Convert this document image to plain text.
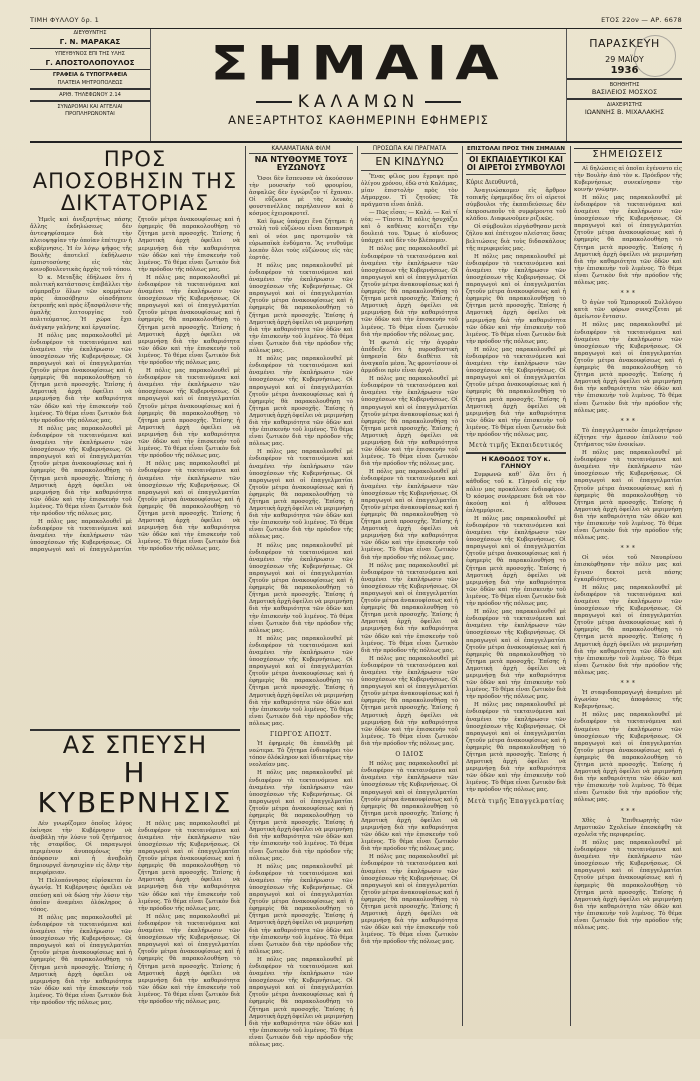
ΤΙΜΗ ΦΥΛΛΟΥ δρ. 1	ΕΤΟΣ 22ον — ΑΡ. 6678
ΔΙΕΥΘΥΝΤΗΣ
Γ. Ν. ΜΑΡΑΚΑΣ
ΥΠΕΥΘΥΝΟΣ ΕΠΙ ΤΗΣ ΥΛΗΣ
Γ. ΑΠΟΣΤΟΛΟΠΟΥΛΟΣ
ΓΡΑΦΕΙΑ & ΤΥΠΟΓΡΑΦΕΙΑ
ΠΛΑΤΕΙΑ ΜΗΤΡΟΠΟΛΕΩΣ
ΑΡΙΘ. ΤΗΛΕΦΩΝΟΥ 2.14
ΣΥΝΔΡΟΜΑΙ ΚΑΙ ΑΓΓΕΛΙΑΙ
ΠΡΟΠΛΗΡΩΝΟΝΤΑΙ
ΣΗΜΑΙΑ
ΚΑΛΑΜΩΝ
ΑΝΕΞΑΡΤΗΤΟΣ ΚΑΘΗΜΕΡΙΝΗ ΕΦΗΜΕΡΙΣ
ΠΑΡΑΣΚΕΥΗ
29 ΜΑΪΟΥ
1936
ΒΟΗΘΗΤΗΣ
ΒΑΣΙΛΕΙΟΣ ΜΟΣΧΟΣ
ΔΙΑΧΕΙΡΙΣΤΗΣ
ΙΩΑΝΝΗΣ Β. ΜΙΧΑΛΑΚΗΣ
ΠΡΟΣ ΑΠΟΣΟΒΗΣΙΝ ΤΗΣ ΔΙΚΤΑΤΟΡΙΑΣ

Ἡμεῖς καὶ ἀνεξαρτήτως πάσης ἄλλης ἐκδηλώσεως δὲν ἀντεψηφίσαμεν διὰ τὴν πλειοψηφίαν τὴν ὁποίαν ἐπέτυχεν ἡ κυβέρνησις. Ἡ ἐν λόγῳ ψῆφος τῆς Βουλῆς ἀποτελεῖ ἐκδήλωσιν ἐμπιστοσύνης εἰς τὰς κοινοβουλευτικὰς ἀρχὰς τοῦ τόπου.

Ὁ κ. Μεταξᾶς ἐδήλωσε ὅτι ἡ πολιτικὴ κατάστασις ἐπιβάλλει τὴν σύμπραξιν ὅλων τῶν κομμάτων πρὸς ἀποσόβησιν οἱασδήποτε ἐκτροπῆς καὶ πρὸς ἐξασφάλισιν τῆς ὁμαλῆς λειτουργίας τοῦ πολιτεύματος. Ἡ χώρα ἔχει ἀνάγκην γαλήνης καὶ ἐργασίας.

Η πόλις μας παρακολουθεῖ μὲ ἐνδιαφέρον τὰ τεκταινόμενα καὶ ἀναμένει τὴν ἐκπλήρωσιν τῶν ὑποσχέσεων τῆς Κυβερνήσεως. Οἱ παραγωγοὶ καὶ οἱ ἐπαγγελματίαι ζητοῦν μέτρα ἀνακουφίσεως καὶ ἡ ἐφημερὶς θὰ παρακολουθήσῃ τὸ ζήτημα μετὰ προσοχῆς. Ἐπίσης ἡ Δημοτικὴ ἀρχὴ ὀφείλει νὰ μεριμνήσῃ διὰ τὴν καθαριότητα τῶν ὁδῶν καὶ τὴν ἐπισκευὴν τοῦ λιμένος. Τὸ θέμα εἶναι ζωτικὸν διὰ τὴν πρόοδον τῆς πόλεως μας.

Η πόλις μας παρακολουθεῖ μὲ ἐνδιαφέρον τὰ τεκταινόμενα καὶ ἀναμένει τὴν ἐκπλήρωσιν τῶν ὑποσχέσεων τῆς Κυβερνήσεως. Οἱ παραγωγοὶ καὶ οἱ ἐπαγγελματίαι ζητοῦν μέτρα ἀνακουφίσεως καὶ ἡ ἐφημερὶς θὰ παρακολουθήσῃ τὸ ζήτημα μετὰ προσοχῆς. Ἐπίσης ἡ Δημοτικὴ ἀρχὴ ὀφείλει νὰ μεριμνήσῃ διὰ τὴν καθαριότητα τῶν ὁδῶν καὶ τὴν ἐπισκευὴν τοῦ λιμένος. Τὸ θέμα εἶναι ζωτικὸν διὰ τὴν πρόοδον τῆς πόλεως μας.

Η πόλις μας παρακολουθεῖ μὲ ἐνδιαφέρον τὰ τεκταινόμενα καὶ ἀναμένει τὴν ἐκπλήρωσιν τῶν ὑποσχέσεων τῆς Κυβερνήσεως. Οἱ παραγωγοὶ καὶ οἱ ἐπαγγελματίαι ζητοῦν μέτρα ἀνακουφίσεως καὶ ἡ ἐφημερὶς θὰ παρακολουθήσῃ τὸ ζήτημα μετὰ προσοχῆς. Ἐπίσης ἡ Δημοτικὴ ἀρχὴ ὀφείλει νὰ μεριμνήσῃ διὰ τὴν καθαριότητα τῶν ὁδῶν καὶ τὴν ἐπισκευὴν τοῦ λιμένος. Τὸ θέμα εἶναι ζωτικὸν διὰ τὴν πρόοδον τῆς πόλεως μας.

Η πόλις μας παρακολουθεῖ μὲ ἐνδιαφέρον τὰ τεκταινόμενα καὶ ἀναμένει τὴν ἐκπλήρωσιν τῶν ὑποσχέσεων τῆς Κυβερνήσεως. Οἱ παραγωγοὶ καὶ οἱ ἐπαγγελματίαι ζητοῦν μέτρα ἀνακουφίσεως καὶ ἡ ἐφημερὶς θὰ παρακολουθήσῃ τὸ ζήτημα μετὰ προσοχῆς. Ἐπίσης ἡ Δημοτικὴ ἀρχὴ ὀφείλει νὰ μεριμνήσῃ διὰ τὴν καθαριότητα τῶν ὁδῶν καὶ τὴν ἐπισκευὴν τοῦ λιμένος. Τὸ θέμα εἶναι ζωτικὸν διὰ τὴν πρόοδον τῆς πόλεως μας.

Η πόλις μας παρακολουθεῖ μὲ ἐνδιαφέρον τὰ τεκταινόμενα καὶ ἀναμένει τὴν ἐκπλήρωσιν τῶν ὑποσχέσεων τῆς Κυβερνήσεως. Οἱ παραγωγοὶ καὶ οἱ ἐπαγγελματίαι ζητοῦν μέτρα ἀνακουφίσεως καὶ ἡ ἐφημερὶς θὰ παρακολουθήσῃ τὸ ζήτημα μετὰ προσοχῆς. Ἐπίσης ἡ Δημοτικὴ ἀρχὴ ὀφείλει νὰ μεριμνήσῃ διὰ τὴν καθαριότητα τῶν ὁδῶν καὶ τὴν ἐπισκευὴν τοῦ λιμένος. Τὸ θέμα εἶναι ζωτικὸν διὰ τὴν πρόοδον τῆς πόλεως μας.

Η πόλις μας παρακολουθεῖ μὲ ἐνδιαφέρον τὰ τεκταινόμενα καὶ ἀναμένει τὴν ἐκπλήρωσιν τῶν ὑποσχέσεων τῆς Κυβερνήσεως. Οἱ παραγωγοὶ καὶ οἱ ἐπαγγελματίαι ζητοῦν μέτρα ἀνακουφίσεως καὶ ἡ ἐφημερὶς θὰ παρακολουθήσῃ τὸ ζήτημα μετὰ προσοχῆς. Ἐπίσης ἡ Δημοτικὴ ἀρχὴ ὀφείλει νὰ μεριμνήσῃ διὰ τὴν καθαριότητα τῶν ὁδῶν καὶ τὴν ἐπισκευὴν τοῦ λιμένος. Τὸ θέμα εἶναι ζωτικὸν διὰ τὴν πρόοδον τῆς πόλεως μας.

ΑΣ ΣΠΕΥΣΗ
Η ΚΥΒΕΡΝΗΣΙΣ

Δὲν γνωρίζομεν ὁποῖος λόγος ἐκίνησε τὴν Κυβέρνησιν νὰ ἀναβάλῃ τὴν λύσιν τοῦ ζητήματος τῆς σταφίδος. Οἱ παραγωγοὶ περιμένουν ἀνυπομόνως τὴν ἀπόφασιν καὶ ἡ ἀναβολὴ δημιουργεῖ ἀνησυχίαν εἰς ὅλην τὴν περιφέρειαν.

Ἡ Πελοπόννησος εὑρίσκεται ἐν ἀγωνίᾳ. Ἡ Κυβέρνησις ὀφείλει νὰ σπεύσῃ καὶ νὰ δώσῃ τὴν λύσιν τὴν ὁποίαν ἀναμένει ὁλόκληρος ὁ τόπος.

Η πόλις μας παρακολουθεῖ μὲ ἐνδιαφέρον τὰ τεκταινόμενα καὶ ἀναμένει τὴν ἐκπλήρωσιν τῶν ὑποσχέσεων τῆς Κυβερνήσεως. Οἱ παραγωγοὶ καὶ οἱ ἐπαγγελματίαι ζητοῦν μέτρα ἀνακουφίσεως καὶ ἡ ἐφημερὶς θὰ παρακολουθήσῃ τὸ ζήτημα μετὰ προσοχῆς. Ἐπίσης ἡ Δημοτικὴ ἀρχὴ ὀφείλει νὰ μεριμνήσῃ διὰ τὴν καθαριότητα τῶν ὁδῶν καὶ τὴν ἐπισκευὴν τοῦ λιμένος. Τὸ θέμα εἶναι ζωτικὸν διὰ τὴν πρόοδον τῆς πόλεως μας.

Η πόλις μας παρακολουθεῖ μὲ ἐνδιαφέρον τὰ τεκταινόμενα καὶ ἀναμένει τὴν ἐκπλήρωσιν τῶν ὑποσχέσεων τῆς Κυβερνήσεως. Οἱ παραγωγοὶ καὶ οἱ ἐπαγγελματίαι ζητοῦν μέτρα ἀνακουφίσεως καὶ ἡ ἐφημερὶς θὰ παρακολουθήσῃ τὸ ζήτημα μετὰ προσοχῆς. Ἐπίσης ἡ Δημοτικὴ ἀρχὴ ὀφείλει νὰ μεριμνήσῃ διὰ τὴν καθαριότητα τῶν ὁδῶν καὶ τὴν ἐπισκευὴν τοῦ λιμένος. Τὸ θέμα εἶναι ζωτικὸν διὰ τὴν πρόοδον τῆς πόλεως μας.

Η πόλις μας παρακολουθεῖ μὲ ἐνδιαφέρον τὰ τεκταινόμενα καὶ ἀναμένει τὴν ἐκπλήρωσιν τῶν ὑποσχέσεων τῆς Κυβερνήσεως. Οἱ παραγωγοὶ καὶ οἱ ἐπαγγελματίαι ζητοῦν μέτρα ἀνακουφίσεως καὶ ἡ ἐφημερὶς θὰ παρακολουθήσῃ τὸ ζήτημα μετὰ προσοχῆς. Ἐπίσης ἡ Δημοτικὴ ἀρχὴ ὀφείλει νὰ μεριμνήσῃ διὰ τὴν καθαριότητα τῶν ὁδῶν καὶ τὴν ἐπισκευὴν τοῦ λιμένος. Τὸ θέμα εἶναι ζωτικὸν διὰ τὴν πρόοδον τῆς πόλεως μας.

ΚΑΛΑΜΑΤΙΑΝΑ ΦΙΛΜ
ΝΑ ΝΤΥΘΟΥΜΕ ΤΟΥΣ ΕΥΖΩΝΟΥΣ

Ὅσοι δὲν ἔσπευσαν νὰ ἀκούσουν τὴν μουσικὴν τοῦ φρουρίου, ἀσφαλῶς δὲν ἐγνώριζον τί ἔχαναν. Οἱ εὔζωνοι μὲ τὰς λευκὰς φουστανέλλας παρήλαυνον καὶ ὁ κόσμος ἐχειροκροτεῖ.

Καὶ ὅμως ὑπάρχει ἕνα ζήτημα: ἡ στολὴ τοῦ εὐζώνου εἶναι δαπανηρὰ καὶ οἱ νέοι μας προτιμοῦν τὰ εὐρωπαϊκὰ ἐνδύματα. Ἂς ντυθοῦμε λοιπὸν ὅλοι τοὺς εὐζώνους εἰς τὰς ἑορτάς.

Η πόλις μας παρακολουθεῖ μὲ ἐνδιαφέρον τὰ τεκταινόμενα καὶ ἀναμένει τὴν ἐκπλήρωσιν τῶν ὑποσχέσεων τῆς Κυβερνήσεως. Οἱ παραγωγοὶ καὶ οἱ ἐπαγγελματίαι ζητοῦν μέτρα ἀνακουφίσεως καὶ ἡ ἐφημερὶς θὰ παρακολουθήσῃ τὸ ζήτημα μετὰ προσοχῆς. Ἐπίσης ἡ Δημοτικὴ ἀρχὴ ὀφείλει νὰ μεριμνήσῃ διὰ τὴν καθαριότητα τῶν ὁδῶν καὶ τὴν ἐπισκευὴν τοῦ λιμένος. Τὸ θέμα εἶναι ζωτικὸν διὰ τὴν πρόοδον τῆς πόλεως μας.

Η πόλις μας παρακολουθεῖ μὲ ἐνδιαφέρον τὰ τεκταινόμενα καὶ ἀναμένει τὴν ἐκπλήρωσιν τῶν ὑποσχέσεων τῆς Κυβερνήσεως. Οἱ παραγωγοὶ καὶ οἱ ἐπαγγελματίαι ζητοῦν μέτρα ἀνακουφίσεως καὶ ἡ ἐφημερὶς θὰ παρακολουθήσῃ τὸ ζήτημα μετὰ προσοχῆς. Ἐπίσης ἡ Δημοτικὴ ἀρχὴ ὀφείλει νὰ μεριμνήσῃ διὰ τὴν καθαριότητα τῶν ὁδῶν καὶ τὴν ἐπισκευὴν τοῦ λιμένος. Τὸ θέμα εἶναι ζωτικὸν διὰ τὴν πρόοδον τῆς πόλεως μας.

Η πόλις μας παρακολουθεῖ μὲ ἐνδιαφέρον τὰ τεκταινόμενα καὶ ἀναμένει τὴν ἐκπλήρωσιν τῶν ὑποσχέσεων τῆς Κυβερνήσεως. Οἱ παραγωγοὶ καὶ οἱ ἐπαγγελματίαι ζητοῦν μέτρα ἀνακουφίσεως καὶ ἡ ἐφημερὶς θὰ παρακολουθήσῃ τὸ ζήτημα μετὰ προσοχῆς. Ἐπίσης ἡ Δημοτικὴ ἀρχὴ ὀφείλει νὰ μεριμνήσῃ διὰ τὴν καθαριότητα τῶν ὁδῶν καὶ τὴν ἐπισκευὴν τοῦ λιμένος. Τὸ θέμα εἶναι ζωτικὸν διὰ τὴν πρόοδον τῆς πόλεως μας.

Η πόλις μας παρακολουθεῖ μὲ ἐνδιαφέρον τὰ τεκταινόμενα καὶ ἀναμένει τὴν ἐκπλήρωσιν τῶν ὑποσχέσεων τῆς Κυβερνήσεως. Οἱ παραγωγοὶ καὶ οἱ ἐπαγγελματίαι ζητοῦν μέτρα ἀνακουφίσεως καὶ ἡ ἐφημερὶς θὰ παρακολουθήσῃ τὸ ζήτημα μετὰ προσοχῆς. Ἐπίσης ἡ Δημοτικὴ ἀρχὴ ὀφείλει νὰ μεριμνήσῃ διὰ τὴν καθαριότητα τῶν ὁδῶν καὶ τὴν ἐπισκευὴν τοῦ λιμένος. Τὸ θέμα εἶναι ζωτικὸν διὰ τὴν πρόοδον τῆς πόλεως μας.

Η πόλις μας παρακολουθεῖ μὲ ἐνδιαφέρον τὰ τεκταινόμενα καὶ ἀναμένει τὴν ἐκπλήρωσιν τῶν ὑποσχέσεων τῆς Κυβερνήσεως. Οἱ παραγωγοὶ καὶ οἱ ἐπαγγελματίαι ζητοῦν μέτρα ἀνακουφίσεως καὶ ἡ ἐφημερὶς θὰ παρακολουθήσῃ τὸ ζήτημα μετὰ προσοχῆς. Ἐπίσης ἡ Δημοτικὴ ἀρχὴ ὀφείλει νὰ μεριμνήσῃ διὰ τὴν καθαριότητα τῶν ὁδῶν καὶ τὴν ἐπισκευὴν τοῦ λιμένος. Τὸ θέμα εἶναι ζωτικὸν διὰ τὴν πρόοδον τῆς πόλεως μας.

ΓΙΩΡΓΟΣ ΑΠΟΣΤ.

Ἡ ἐφημερὶς θὰ ἐπανέλθῃ μὲ νεώτερα. Τὸ ζήτημα ἐνδιαφέρει τὸν τόπον ὁλόκληρον καὶ ἰδιαιτέρως τὴν νεολαίαν μας.

Η πόλις μας παρακολουθεῖ μὲ ἐνδιαφέρον τὰ τεκταινόμενα καὶ ἀναμένει τὴν ἐκπλήρωσιν τῶν ὑποσχέσεων τῆς Κυβερνήσεως. Οἱ παραγωγοὶ καὶ οἱ ἐπαγγελματίαι ζητοῦν μέτρα ἀνακουφίσεως καὶ ἡ ἐφημερὶς θὰ παρακολουθήσῃ τὸ ζήτημα μετὰ προσοχῆς. Ἐπίσης ἡ Δημοτικὴ ἀρχὴ ὀφείλει νὰ μεριμνήσῃ διὰ τὴν καθαριότητα τῶν ὁδῶν καὶ τὴν ἐπισκευὴν τοῦ λιμένος. Τὸ θέμα εἶναι ζωτικὸν διὰ τὴν πρόοδον τῆς πόλεως μας.

Η πόλις μας παρακολουθεῖ μὲ ἐνδιαφέρον τὰ τεκταινόμενα καὶ ἀναμένει τὴν ἐκπλήρωσιν τῶν ὑποσχέσεων τῆς Κυβερνήσεως. Οἱ παραγωγοὶ καὶ οἱ ἐπαγγελματίαι ζητοῦν μέτρα ἀνακουφίσεως καὶ ἡ ἐφημερὶς θὰ παρακολουθήσῃ τὸ ζήτημα μετὰ προσοχῆς. Ἐπίσης ἡ Δημοτικὴ ἀρχὴ ὀφείλει νὰ μεριμνήσῃ διὰ τὴν καθαριότητα τῶν ὁδῶν καὶ τὴν ἐπισκευὴν τοῦ λιμένος. Τὸ θέμα εἶναι ζωτικὸν διὰ τὴν πρόοδον τῆς πόλεως μας.

Η πόλις μας παρακολουθεῖ μὲ ἐνδιαφέρον τὰ τεκταινόμενα καὶ ἀναμένει τὴν ἐκπλήρωσιν τῶν ὑποσχέσεων τῆς Κυβερνήσεως. Οἱ παραγωγοὶ καὶ οἱ ἐπαγγελματίαι ζητοῦν μέτρα ἀνακουφίσεως καὶ ἡ ἐφημερὶς θὰ παρακολουθήσῃ τὸ ζήτημα μετὰ προσοχῆς. Ἐπίσης ἡ Δημοτικὴ ἀρχὴ ὀφείλει νὰ μεριμνήσῃ διὰ τὴν καθαριότητα τῶν ὁδῶν καὶ τὴν ἐπισκευὴν τοῦ λιμένος. Τὸ θέμα εἶναι ζωτικὸν διὰ τὴν πρόοδον τῆς πόλεως μας.

ΠΡΟΣΩΠΑ ΚΑΙ ΠΡΑΓΜΑΤΑ
ΕΝ ΚΙΝΔΥΝΩ

Ἕνας φίλος μου ἔγραψε πρὸ ὀλίγου χρόνου, ἐδῶ στὰ Καλάμας, μίαν ἐπιστολὴν πρὸς τὸν Δήμαρχον. Τί ζητοῦσε; Τὰ πράγματα εἶναι ἁπλᾶ.

— Πῶς εἶσαι; — Καλά. — Καὶ τί νέα; — Τίποτα. Ἡ πόλις ἡσυχάζει καὶ ὁ καθένας κοιτάζει τὴν δουλειά του. Ὅμως ὁ κίνδυνος ὑπάρχει καὶ δὲν τὸν βλέπομεν.

Η πόλις μας παρακολουθεῖ μὲ ἐνδιαφέρον τὰ τεκταινόμενα καὶ ἀναμένει τὴν ἐκπλήρωσιν τῶν ὑποσχέσεων τῆς Κυβερνήσεως. Οἱ παραγωγοὶ καὶ οἱ ἐπαγγελματίαι ζητοῦν μέτρα ἀνακουφίσεως καὶ ἡ ἐφημερὶς θὰ παρακολουθήσῃ τὸ ζήτημα μετὰ προσοχῆς. Ἐπίσης ἡ Δημοτικὴ ἀρχὴ ὀφείλει νὰ μεριμνήσῃ διὰ τὴν καθαριότητα τῶν ὁδῶν καὶ τὴν ἐπισκευὴν τοῦ λιμένος. Τὸ θέμα εἶναι ζωτικὸν διὰ τὴν πρόοδον τῆς πόλεως μας.

Ἡ φωτιὰ εἰς τὴν ἀγορὰν ἀπέδειξε ὅτι ἡ πυροσβεστικὴ ὑπηρεσία δὲν διαθέτει τὰ ἀναγκαῖα μέσα. Ἂς φροντίσουν οἱ ἁρμόδιοι πρὶν εἶναι ἀργά.

Η πόλις μας παρακολουθεῖ μὲ ἐνδιαφέρον τὰ τεκταινόμενα καὶ ἀναμένει τὴν ἐκπλήρωσιν τῶν ὑποσχέσεων τῆς Κυβερνήσεως. Οἱ παραγωγοὶ καὶ οἱ ἐπαγγελματίαι ζητοῦν μέτρα ἀνακουφίσεως καὶ ἡ ἐφημερὶς θὰ παρακολουθήσῃ τὸ ζήτημα μετὰ προσοχῆς. Ἐπίσης ἡ Δημοτικὴ ἀρχὴ ὀφείλει νὰ μεριμνήσῃ διὰ τὴν καθαριότητα τῶν ὁδῶν καὶ τὴν ἐπισκευὴν τοῦ λιμένος. Τὸ θέμα εἶναι ζωτικὸν διὰ τὴν πρόοδον τῆς πόλεως μας.

Η πόλις μας παρακολουθεῖ μὲ ἐνδιαφέρον τὰ τεκταινόμενα καὶ ἀναμένει τὴν ἐκπλήρωσιν τῶν ὑποσχέσεων τῆς Κυβερνήσεως. Οἱ παραγωγοὶ καὶ οἱ ἐπαγγελματίαι ζητοῦν μέτρα ἀνακουφίσεως καὶ ἡ ἐφημερὶς θὰ παρακολουθήσῃ τὸ ζήτημα μετὰ προσοχῆς. Ἐπίσης ἡ Δημοτικὴ ἀρχὴ ὀφείλει νὰ μεριμνήσῃ διὰ τὴν καθαριότητα τῶν ὁδῶν καὶ τὴν ἐπισκευὴν τοῦ λιμένος. Τὸ θέμα εἶναι ζωτικὸν διὰ τὴν πρόοδον τῆς πόλεως μας.

Η πόλις μας παρακολουθεῖ μὲ ἐνδιαφέρον τὰ τεκταινόμενα καὶ ἀναμένει τὴν ἐκπλήρωσιν τῶν ὑποσχέσεων τῆς Κυβερνήσεως. Οἱ παραγωγοὶ καὶ οἱ ἐπαγγελματίαι ζητοῦν μέτρα ἀνακουφίσεως καὶ ἡ ἐφημερὶς θὰ παρακολουθήσῃ τὸ ζήτημα μετὰ προσοχῆς. Ἐπίσης ἡ Δημοτικὴ ἀρχὴ ὀφείλει νὰ μεριμνήσῃ διὰ τὴν καθαριότητα τῶν ὁδῶν καὶ τὴν ἐπισκευὴν τοῦ λιμένος. Τὸ θέμα εἶναι ζωτικὸν διὰ τὴν πρόοδον τῆς πόλεως μας.

Η πόλις μας παρακολουθεῖ μὲ ἐνδιαφέρον τὰ τεκταινόμενα καὶ ἀναμένει τὴν ἐκπλήρωσιν τῶν ὑποσχέσεων τῆς Κυβερνήσεως. Οἱ παραγωγοὶ καὶ οἱ ἐπαγγελματίαι ζητοῦν μέτρα ἀνακουφίσεως καὶ ἡ ἐφημερὶς θὰ παρακολουθήσῃ τὸ ζήτημα μετὰ προσοχῆς. Ἐπίσης ἡ Δημοτικὴ ἀρχὴ ὀφείλει νὰ μεριμνήσῃ διὰ τὴν καθαριότητα τῶν ὁδῶν καὶ τὴν ἐπισκευὴν τοῦ λιμένος. Τὸ θέμα εἶναι ζωτικὸν διὰ τὴν πρόοδον τῆς πόλεως μας.

Ο ΙΔΙΟΣ

Η πόλις μας παρακολουθεῖ μὲ ἐνδιαφέρον τὰ τεκταινόμενα καὶ ἀναμένει τὴν ἐκπλήρωσιν τῶν ὑποσχέσεων τῆς Κυβερνήσεως. Οἱ παραγωγοὶ καὶ οἱ ἐπαγγελματίαι ζητοῦν μέτρα ἀνακουφίσεως καὶ ἡ ἐφημερὶς θὰ παρακολουθήσῃ τὸ ζήτημα μετὰ προσοχῆς. Ἐπίσης ἡ Δημοτικὴ ἀρχὴ ὀφείλει νὰ μεριμνήσῃ διὰ τὴν καθαριότητα τῶν ὁδῶν καὶ τὴν ἐπισκευὴν τοῦ λιμένος. Τὸ θέμα εἶναι ζωτικὸν διὰ τὴν πρόοδον τῆς πόλεως μας.

Η πόλις μας παρακολουθεῖ μὲ ἐνδιαφέρον τὰ τεκταινόμενα καὶ ἀναμένει τὴν ἐκπλήρωσιν τῶν ὑποσχέσεων τῆς Κυβερνήσεως. Οἱ παραγωγοὶ καὶ οἱ ἐπαγγελματίαι ζητοῦν μέτρα ἀνακουφίσεως καὶ ἡ ἐφημερὶς θὰ παρακολουθήσῃ τὸ ζήτημα μετὰ προσοχῆς. Ἐπίσης ἡ Δημοτικὴ ἀρχὴ ὀφείλει νὰ μεριμνήσῃ διὰ τὴν καθαριότητα τῶν ὁδῶν καὶ τὴν ἐπισκευὴν τοῦ λιμένος. Τὸ θέμα εἶναι ζωτικὸν διὰ τὴν πρόοδον τῆς πόλεως μας.

ΕΠΙΣΤΟΛΑΙ ΠΡΟΣ ΤΗΝ ΣΗΜΑΙΑΝ
ΟΙ ΕΚΠΑΙΔΕΥΤΙΚΟΙ ΚΑΙ ΟΙ ΑΙΡΕΤΟΙ ΣΥΜΒΟΥΛΟΙ
Κύριε Διευθυντά,

Ἀναγινώσκομεν εἰς ἄρθρον τοπικῆς ἐφημερίδος ὅτι οἱ αἱρετοὶ σύμβουλοι τῆς ἐκπαιδεύσεως δὲν ἐκπροσωποῦν τὰ συμφέροντα τοῦ κλάδου. Διαφωνοῦμεν ριζικῶς.

Οἱ σύμβουλοι εἰργάσθησαν μετὰ ζήλου καὶ ἐπέτυχον πλείστας ὅσας βελτιώσεις διὰ τοὺς διδασκάλους τῆς περιφερείας μας.

Η πόλις μας παρακολουθεῖ μὲ ἐνδιαφέρον τὰ τεκταινόμενα καὶ ἀναμένει τὴν ἐκπλήρωσιν τῶν ὑποσχέσεων τῆς Κυβερνήσεως. Οἱ παραγωγοὶ καὶ οἱ ἐπαγγελματίαι ζητοῦν μέτρα ἀνακουφίσεως καὶ ἡ ἐφημερὶς θὰ παρακολουθήσῃ τὸ ζήτημα μετὰ προσοχῆς. Ἐπίσης ἡ Δημοτικὴ ἀρχὴ ὀφείλει νὰ μεριμνήσῃ διὰ τὴν καθαριότητα τῶν ὁδῶν καὶ τὴν ἐπισκευὴν τοῦ λιμένος. Τὸ θέμα εἶναι ζωτικὸν διὰ τὴν πρόοδον τῆς πόλεως μας.

Η πόλις μας παρακολουθεῖ μὲ ἐνδιαφέρον τὰ τεκταινόμενα καὶ ἀναμένει τὴν ἐκπλήρωσιν τῶν ὑποσχέσεων τῆς Κυβερνήσεως. Οἱ παραγωγοὶ καὶ οἱ ἐπαγγελματίαι ζητοῦν μέτρα ἀνακουφίσεως καὶ ἡ ἐφημερὶς θὰ παρακολουθήσῃ τὸ ζήτημα μετὰ προσοχῆς. Ἐπίσης ἡ Δημοτικὴ ἀρχὴ ὀφείλει νὰ μεριμνήσῃ διὰ τὴν καθαριότητα τῶν ὁδῶν καὶ τὴν ἐπισκευὴν τοῦ λιμένος. Τὸ θέμα εἶναι ζωτικὸν διὰ τὴν πρόοδον τῆς πόλεως μας.

Μετὰ τιμῆς Ἐκπαιδευτικός
Η ΚΑΘΟΔΟΣ ΤΟΥ κ. ΓΛΗΝΟΥ

Συμφωνῶ καθ᾽ ὅλα ὅτι ἡ κάθοδος τοῦ κ. Γληνοῦ εἰς τὴν πόλιν μας προκάλεσε ἐνδιαφέρον. Ὁ κόσμος συνέρρευσε διὰ νὰ τὸν ἀκούσῃ καὶ ἡ αἴθουσα ἐπλημμύρισε.

Η πόλις μας παρακολουθεῖ μὲ ἐνδιαφέρον τὰ τεκταινόμενα καὶ ἀναμένει τὴν ἐκπλήρωσιν τῶν ὑποσχέσεων τῆς Κυβερνήσεως. Οἱ παραγωγοὶ καὶ οἱ ἐπαγγελματίαι ζητοῦν μέτρα ἀνακουφίσεως καὶ ἡ ἐφημερὶς θὰ παρακολουθήσῃ τὸ ζήτημα μετὰ προσοχῆς. Ἐπίσης ἡ Δημοτικὴ ἀρχὴ ὀφείλει νὰ μεριμνήσῃ διὰ τὴν καθαριότητα τῶν ὁδῶν καὶ τὴν ἐπισκευὴν τοῦ λιμένος. Τὸ θέμα εἶναι ζωτικὸν διὰ τὴν πρόοδον τῆς πόλεως μας.

Η πόλις μας παρακολουθεῖ μὲ ἐνδιαφέρον τὰ τεκταινόμενα καὶ ἀναμένει τὴν ἐκπλήρωσιν τῶν ὑποσχέσεων τῆς Κυβερνήσεως. Οἱ παραγωγοὶ καὶ οἱ ἐπαγγελματίαι ζητοῦν μέτρα ἀνακουφίσεως καὶ ἡ ἐφημερὶς θὰ παρακολουθήσῃ τὸ ζήτημα μετὰ προσοχῆς. Ἐπίσης ἡ Δημοτικὴ ἀρχὴ ὀφείλει νὰ μεριμνήσῃ διὰ τὴν καθαριότητα τῶν ὁδῶν καὶ τὴν ἐπισκευὴν τοῦ λιμένος. Τὸ θέμα εἶναι ζωτικὸν διὰ τὴν πρόοδον τῆς πόλεως μας.

Η πόλις μας παρακολουθεῖ μὲ ἐνδιαφέρον τὰ τεκταινόμενα καὶ ἀναμένει τὴν ἐκπλήρωσιν τῶν ὑποσχέσεων τῆς Κυβερνήσεως. Οἱ παραγωγοὶ καὶ οἱ ἐπαγγελματίαι ζητοῦν μέτρα ἀνακουφίσεως καὶ ἡ ἐφημερὶς θὰ παρακολουθήσῃ τὸ ζήτημα μετὰ προσοχῆς. Ἐπίσης ἡ Δημοτικὴ ἀρχὴ ὀφείλει νὰ μεριμνήσῃ διὰ τὴν καθαριότητα τῶν ὁδῶν καὶ τὴν ἐπισκευὴν τοῦ λιμένος. Τὸ θέμα εἶναι ζωτικὸν διὰ τὴν πρόοδον τῆς πόλεως μας.

Μετὰ τιμῆς Ἐπαγγελματίας
ΣΗΜΕΙΩΣΕΙΣ

Αἱ δηλώσεις αἱ ὁποῖαι ἐγένοντο εἰς τὴν Βουλὴν ἀπὸ τὸν κ. Πρόεδρον τῆς Κυβερνήσεως συνεκίνησαν τὴν κοινὴν γνώμην.

Η πόλις μας παρακολουθεῖ μὲ ἐνδιαφέρον τὰ τεκταινόμενα καὶ ἀναμένει τὴν ἐκπλήρωσιν τῶν ὑποσχέσεων τῆς Κυβερνήσεως. Οἱ παραγωγοὶ καὶ οἱ ἐπαγγελματίαι ζητοῦν μέτρα ἀνακουφίσεως καὶ ἡ ἐφημερὶς θὰ παρακολουθήσῃ τὸ ζήτημα μετὰ προσοχῆς. Ἐπίσης ἡ Δημοτικὴ ἀρχὴ ὀφείλει νὰ μεριμνήσῃ διὰ τὴν καθαριότητα τῶν ὁδῶν καὶ τὴν ἐπισκευὴν τοῦ λιμένος. Τὸ θέμα εἶναι ζωτικὸν διὰ τὴν πρόοδον τῆς πόλεως μας.

* * *

Ὁ ἀγὼν τοῦ Ἐμπορικοῦ Συλλόγου κατὰ τῶν φόρων συνεχίζεται μὲ ἀμείωτον ἔντασιν.

Η πόλις μας παρακολουθεῖ μὲ ἐνδιαφέρον τὰ τεκταινόμενα καὶ ἀναμένει τὴν ἐκπλήρωσιν τῶν ὑποσχέσεων τῆς Κυβερνήσεως. Οἱ παραγωγοὶ καὶ οἱ ἐπαγγελματίαι ζητοῦν μέτρα ἀνακουφίσεως καὶ ἡ ἐφημερὶς θὰ παρακολουθήσῃ τὸ ζήτημα μετὰ προσοχῆς. Ἐπίσης ἡ Δημοτικὴ ἀρχὴ ὀφείλει νὰ μεριμνήσῃ διὰ τὴν καθαριότητα τῶν ὁδῶν καὶ τὴν ἐπισκευὴν τοῦ λιμένος. Τὸ θέμα εἶναι ζωτικὸν διὰ τὴν πρόοδον τῆς πόλεως μας.

* * *

Τὸ ἐπαγγελματικὸν ἐπιμελητήριον ἐζήτησε τὴν ἄμεσον ἐπίλυσιν τοῦ ζητήματος τῶν ἐνοικίων.

Η πόλις μας παρακολουθεῖ μὲ ἐνδιαφέρον τὰ τεκταινόμενα καὶ ἀναμένει τὴν ἐκπλήρωσιν τῶν ὑποσχέσεων τῆς Κυβερνήσεως. Οἱ παραγωγοὶ καὶ οἱ ἐπαγγελματίαι ζητοῦν μέτρα ἀνακουφίσεως καὶ ἡ ἐφημερὶς θὰ παρακολουθήσῃ τὸ ζήτημα μετὰ προσοχῆς. Ἐπίσης ἡ Δημοτικὴ ἀρχὴ ὀφείλει νὰ μεριμνήσῃ διὰ τὴν καθαριότητα τῶν ὁδῶν καὶ τὴν ἐπισκευὴν τοῦ λιμένος. Τὸ θέμα εἶναι ζωτικὸν διὰ τὴν πρόοδον τῆς πόλεως μας.

* * *

Οἱ νέοι τοῦ Ναυαρίνου ἐπισκέφθησαν τὴν πόλιν μας καὶ ἔγιναν δεκτοὶ μετὰ πάσης ἐγκαρδιότητος.

Η πόλις μας παρακολουθεῖ μὲ ἐνδιαφέρον τὰ τεκταινόμενα καὶ ἀναμένει τὴν ἐκπλήρωσιν τῶν ὑποσχέσεων τῆς Κυβερνήσεως. Οἱ παραγωγοὶ καὶ οἱ ἐπαγγελματίαι ζητοῦν μέτρα ἀνακουφίσεως καὶ ἡ ἐφημερὶς θὰ παρακολουθήσῃ τὸ ζήτημα μετὰ προσοχῆς. Ἐπίσης ἡ Δημοτικὴ ἀρχὴ ὀφείλει νὰ μεριμνήσῃ διὰ τὴν καθαριότητα τῶν ὁδῶν καὶ τὴν ἐπισκευὴν τοῦ λιμένος. Τὸ θέμα εἶναι ζωτικὸν διὰ τὴν πρόοδον τῆς πόλεως μας.

* * *

Ἡ σταφιδοπαραγωγὴ ἀναμένει μὲ ἀγωνίαν τὰς ἀποφάσεις τῆς Κυβερνήσεως.

Η πόλις μας παρακολουθεῖ μὲ ἐνδιαφέρον τὰ τεκταινόμενα καὶ ἀναμένει τὴν ἐκπλήρωσιν τῶν ὑποσχέσεων τῆς Κυβερνήσεως. Οἱ παραγωγοὶ καὶ οἱ ἐπαγγελματίαι ζητοῦν μέτρα ἀνακουφίσεως καὶ ἡ ἐφημερὶς θὰ παρακολουθήσῃ τὸ ζήτημα μετὰ προσοχῆς. Ἐπίσης ἡ Δημοτικὴ ἀρχὴ ὀφείλει νὰ μεριμνήσῃ διὰ τὴν καθαριότητα τῶν ὁδῶν καὶ τὴν ἐπισκευὴν τοῦ λιμένος. Τὸ θέμα εἶναι ζωτικὸν διὰ τὴν πρόοδον τῆς πόλεως μας.

* * *

Χθὲς ὁ Ἐπιθεωρητὴς τῶν Δημοτικῶν Σχολείων ἐπεσκέφθη τὰ σχολεῖα τῆς περιφερείας.

Η πόλις μας παρακολουθεῖ μὲ ἐνδιαφέρον τὰ τεκταινόμενα καὶ ἀναμένει τὴν ἐκπλήρωσιν τῶν ὑποσχέσεων τῆς Κυβερνήσεως. Οἱ παραγωγοὶ καὶ οἱ ἐπαγγελματίαι ζητοῦν μέτρα ἀνακουφίσεως καὶ ἡ ἐφημερὶς θὰ παρακολουθήσῃ τὸ ζήτημα μετὰ προσοχῆς. Ἐπίσης ἡ Δημοτικὴ ἀρχὴ ὀφείλει νὰ μεριμνήσῃ διὰ τὴν καθαριότητα τῶν ὁδῶν καὶ τὴν ἐπισκευὴν τοῦ λιμένος. Τὸ θέμα εἶναι ζωτικὸν διὰ τὴν πρόοδον τῆς πόλεως μας.
